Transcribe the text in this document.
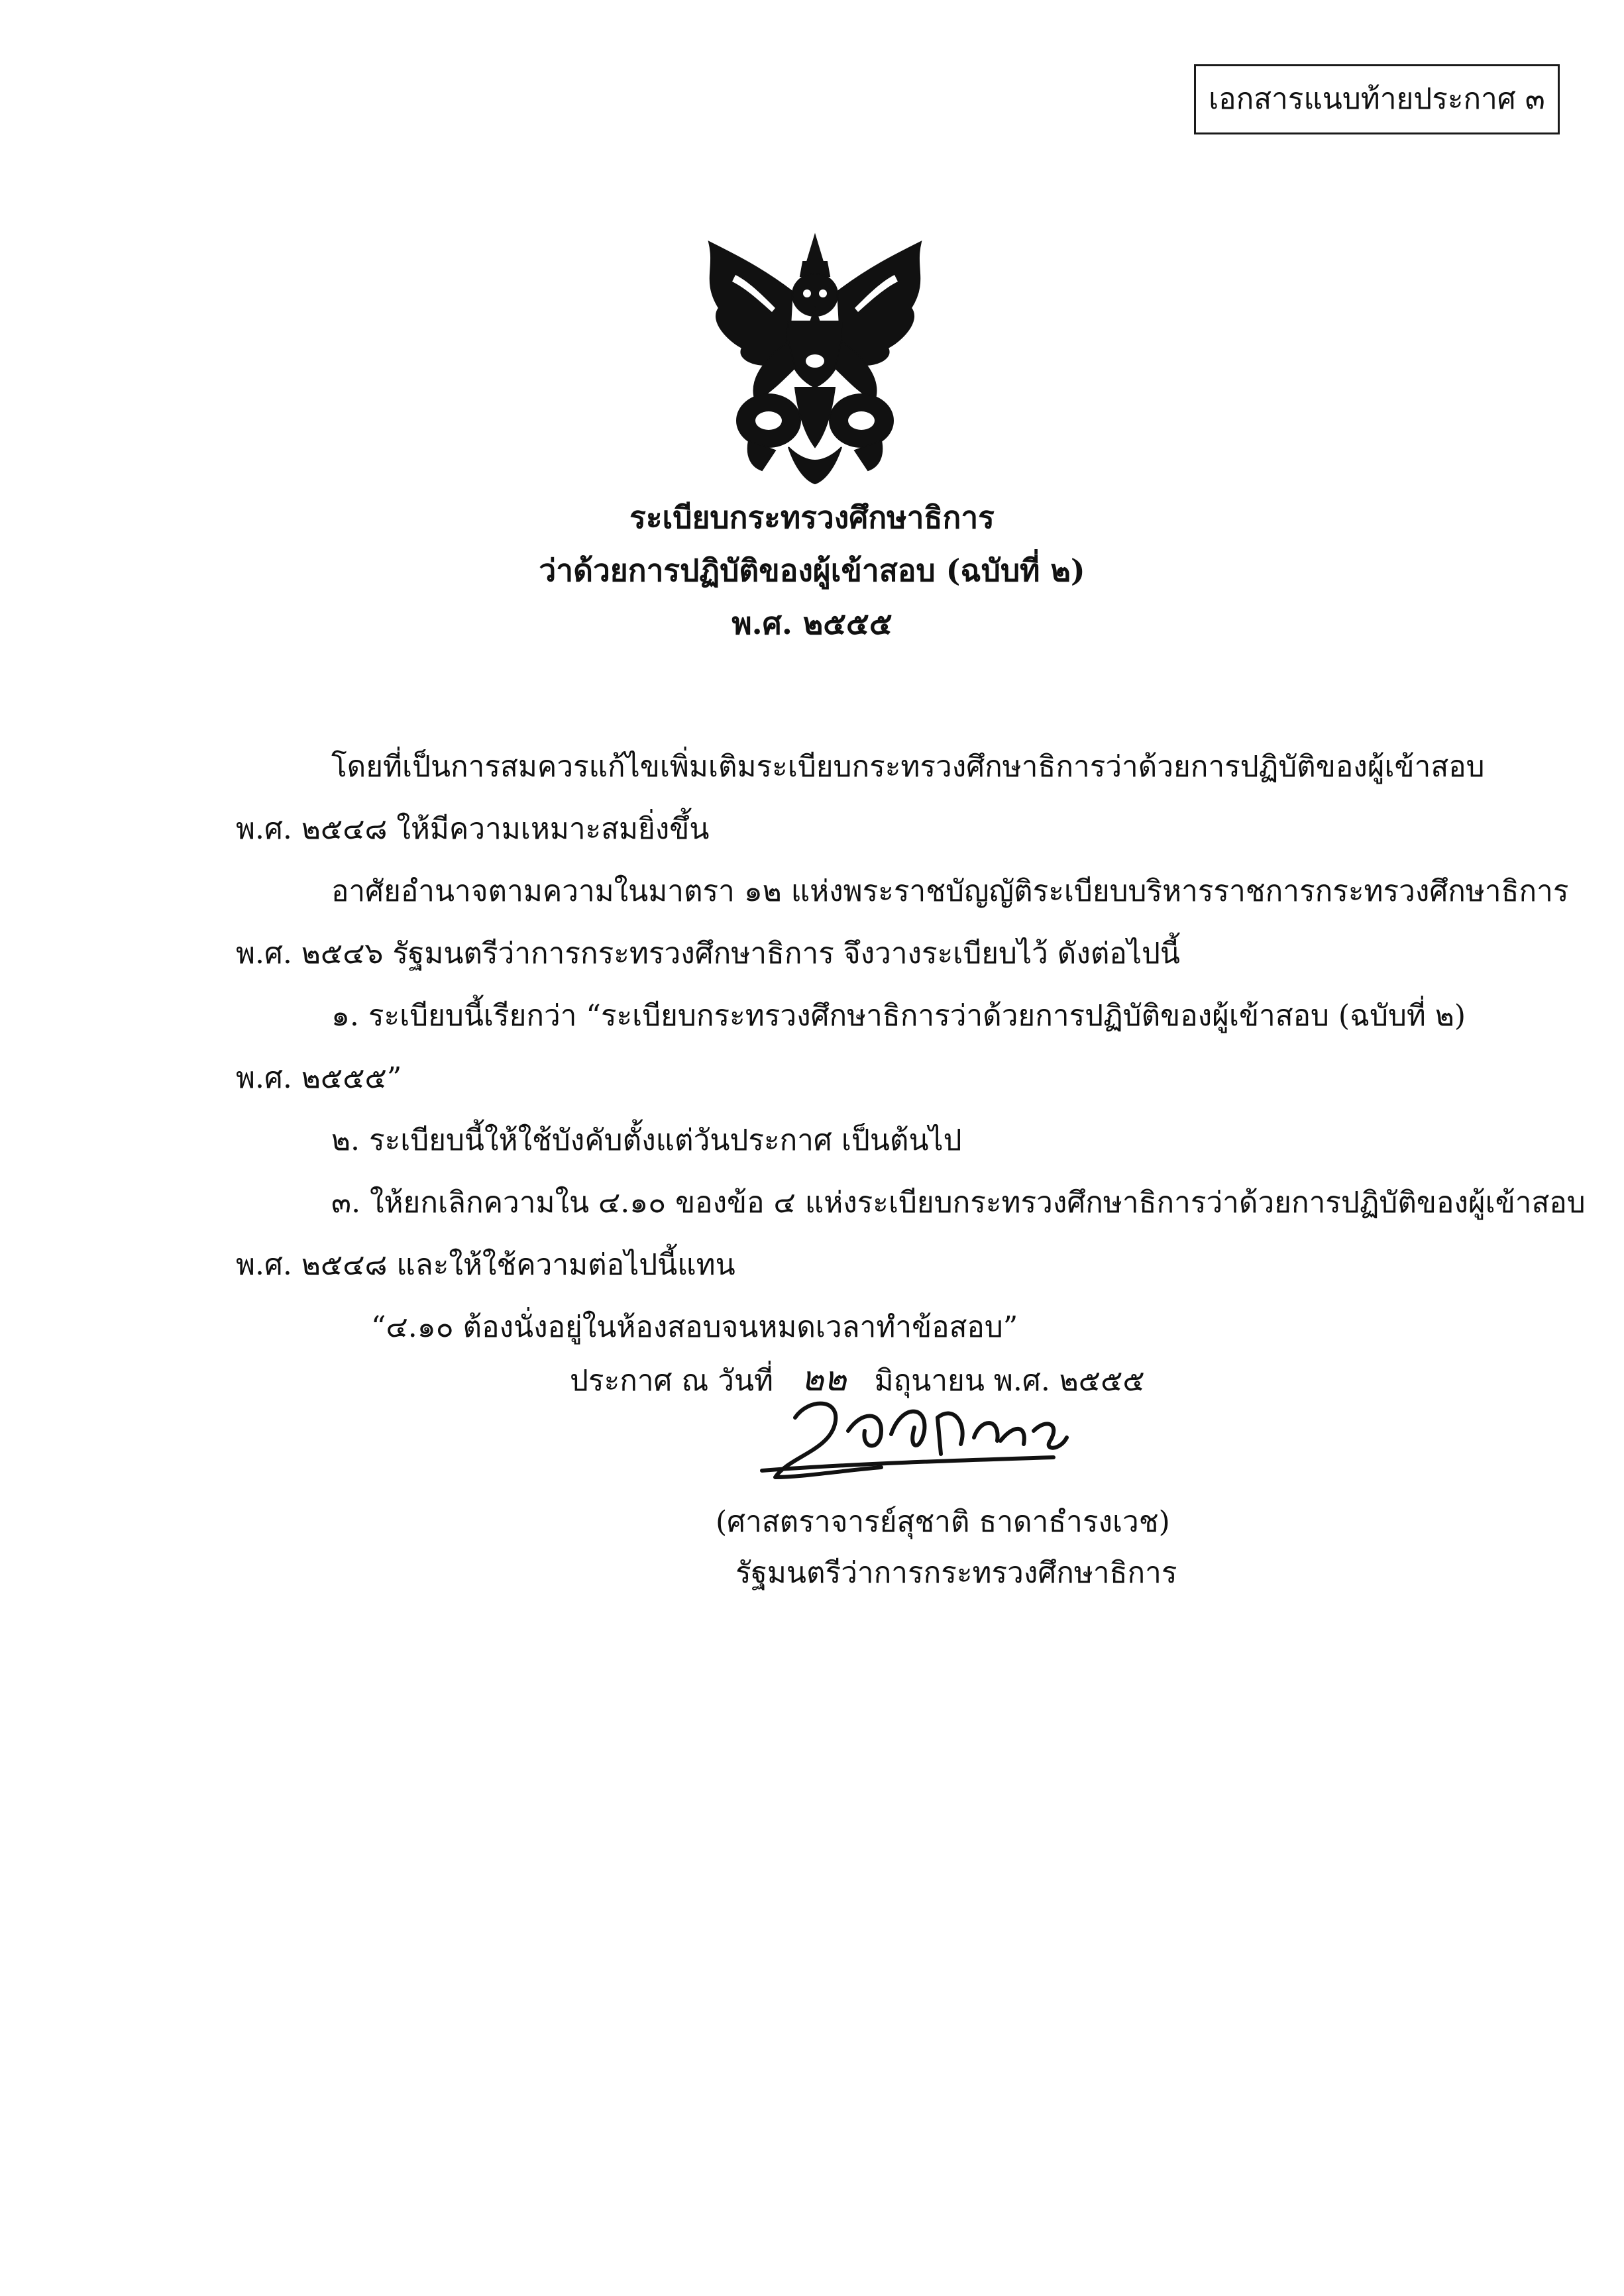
เอกสารแนบท้ายประกาศ ๓
ระเบียบกระทรวงศึกษาธิการ
ว่าด้วยการปฏิบัติของผู้เข้าสอบ (ฉบับที่ ๒)
พ.ศ. ๒๕๕๕
โดยที่เป็นการสมควรแก้ไขเพิ่มเติมระเบียบกระทรวงศึกษาธิการว่าด้วยการปฏิบัติของผู้เข้าสอบ
พ.ศ. ๒๕๔๘ ให้มีความเหมาะสมยิ่งขึ้น
อาศัยอำนาจตามความในมาตรา ๑๒ แห่งพระราชบัญญัติระเบียบบริหารราชการกระทรวงศึกษาธิการ
พ.ศ. ๒๕๔๖ รัฐมนตรีว่าการกระทรวงศึกษาธิการ จึงวางระเบียบไว้ ดังต่อไปนี้
๑. ระเบียบนี้เรียกว่า “ระเบียบกระทรวงศึกษาธิการว่าด้วยการปฏิบัติของผู้เข้าสอบ (ฉบับที่ ๒)
พ.ศ. ๒๕๕๕”
๒. ระเบียบนี้ให้ใช้บังคับตั้งแต่วันประกาศ เป็นต้นไป
๓. ให้ยกเลิกความใน ๔.๑๐ ของข้อ ๔ แห่งระเบียบกระทรวงศึกษาธิการว่าด้วยการปฏิบัติของผู้เข้าสอบ
พ.ศ. ๒๕๔๘ และให้ใช้ความต่อไปนี้แทน
“๔.๑๐ ต้องนั่งอยู่ในห้องสอบจนหมดเวลาทำข้อสอบ”
ประกาศ ณ วันที่ ๒๒ มิถุนายน พ.ศ. ๒๕๕๕
(ศาสตราจารย์สุชาติ ธาดาธำรงเวช)
รัฐมนตรีว่าการกระทรวงศึกษาธิการ
